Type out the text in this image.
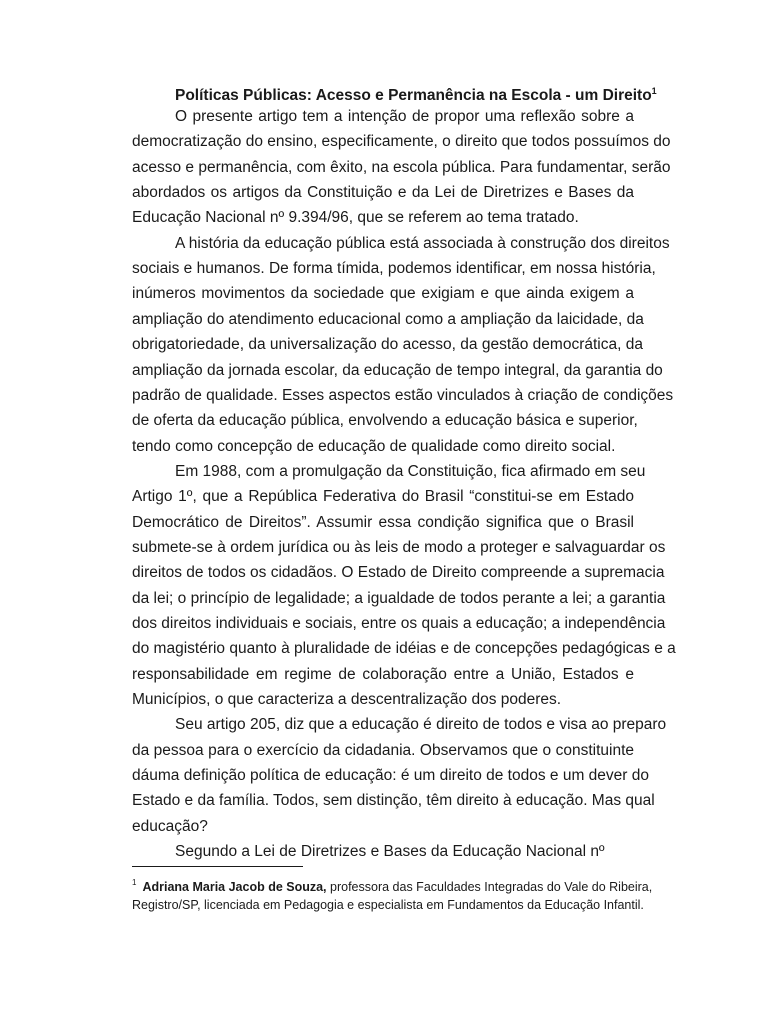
Políticas Públicas: Acesso e Permanência na Escola - um Direito$^1$

O presente artigo tem a intenção de propor uma reflexão sobre a

democratização do ensino, especificamente, o direito que todos possuímos do

acesso e permanência, com êxito, na escola pública. Para fundamentar, serão

abordados os artigos da Constituição e da Lei de Diretrizes e Bases da

Educação Nacional nº 9.394/96, que se referem ao tema tratado.

A história da educação pública está associada à construção dos direitos

sociais e humanos. De forma tímida, podemos identificar, em nossa história,

inúmeros movimentos da sociedade que exigiam e que ainda exigem a

ampliação do atendimento educacional como a ampliação da laicidade, da

obrigatoriedade, da universalização do acesso, da gestão democrática, da

ampliação da jornada escolar, da educação de tempo integral, da garantia do

padrão de qualidade. Esses aspectos estão vinculados à criação de condições

de oferta da educação pública, envolvendo a educação básica e superior,

tendo como concepção de educação de qualidade como direito social.

Em 1988, com a promulgação da Constituição, fica afirmado em seu

Artigo 1º, que a República Federativa do Brasil “constitui-se em Estado

Democrático de Direitos”. Assumir essa condição significa que o Brasil

submete-se à ordem jurídica ou às leis de modo a proteger e salvaguardar os

direitos de todos os cidadãos. O Estado de Direito compreende a supremacia

da lei; o princípio de legalidade; a igualdade de todos perante a lei; a garantia

dos direitos individuais e sociais, entre os quais a educação; a independência

do magistério quanto à pluralidade de idéias e de concepções pedagógicas e a

responsabilidade em regime de colaboração entre a União, Estados e

Municípios, o que caracteriza a descentralização dos poderes.

Seu artigo 205, diz que a educação é direito de todos e visa ao preparo

da pessoa para o exercício da cidadania. Observamos que o constituinte

dáuma definição política de educação: é um direito de todos e um dever do

Estado e da família. Todos, sem distinção, têm direito à educação. Mas qual

educação?

Segundo a Lei de Diretrizes e Bases da Educação Nacional nº

$^1$ Adriana Maria Jacob de Souza, professora das Faculdades Integradas do Vale do Ribeira,

Registro/SP, licenciada em Pedagogia e especialista em Fundamentos da Educação Infantil.
